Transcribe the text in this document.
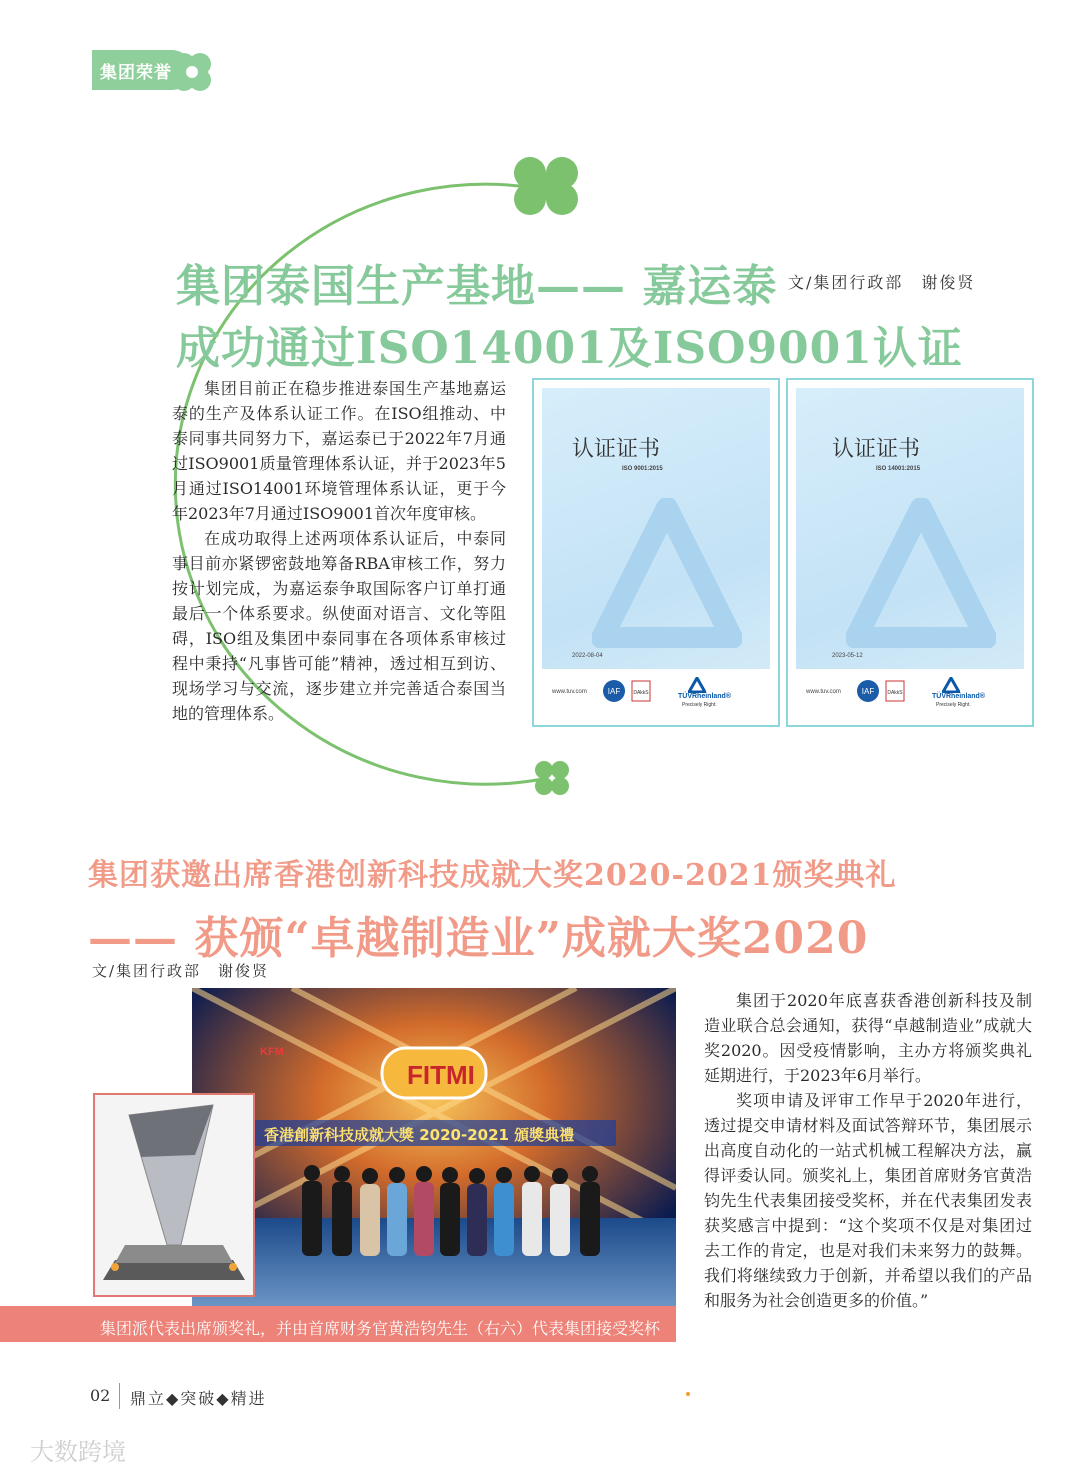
集团荣誉
集团泰国生产基地—— 嘉运泰
成功通过ISO14001及ISO9001认证
文/集团行政部　谢俊贤

集团目前正在稳步推进泰国生产基地嘉运泰的生产及体系认证工作。在ISO组推动、中泰同事共同努力下，嘉运泰已于2022年7月通过ISO9001质量管理体系认证，并于2023年5月通过ISO14001环境管理体系认证，更于今年2023年7月通过ISO9001首次年度审核。

在成功取得上述两项体系认证后，中泰同事目前亦紧锣密鼓地筹备RBA审核工作，努力按计划完成，为嘉运泰争取国际客户订单打通最后一个体系要求。纵使面对语言、文化等阻碍，ISO组及集团中泰同事在各项体系审核过程中秉持“凡事皆可能”精神，透过相互到访、现场学习与交流，逐步建立并完善适合泰国当地的管理体系。

认证证书
ISO 9001:2015
2022-08-04
www.tuv.com	IAF	DAkkS	TÜVRheinland®
Precisely Right.
认证证书
ISO 14001:2015
2023-05-12
www.tuv.com	IAF	DAkkS	TÜVRheinland®
Precisely Right.
集团获邀出席香港创新科技成就大奖2020-2021颁奖典礼
—— 获颁“卓越制造业”成就大奖2020
文/集团行政部　谢俊贤
FITMI
香港創新科技成就大獎 2020-2021 頒獎典禮
KFM
集团派代表出席颁奖礼，并由首席财务官黄浩钧先生（右六）代表集团接受奖杯

集团于2020年底喜获香港创新科技及制造业联合总会通知，获得“卓越制造业”成就大奖2020。因受疫情影响，主办方将颁奖典礼延期进行，于2023年6月举行。

奖项申请及评审工作早于2020年进行，透过提交申请材料及面试答辩环节，集团展示出高度自动化的一站式机械工程解决方法，赢得评委认同。颁奖礼上，集团首席财务官黄浩钧先生代表集团接受奖杯，并在代表集团发表获奖感言中提到：“这个奖项不仅是对集团过去工作的肯定，也是对我们未来努力的鼓舞。我们将继续致力于创新，并希望以我们的产品和服务为社会创造更多的价值。”

02 鼎立◆突破◆精进
大数跨境
